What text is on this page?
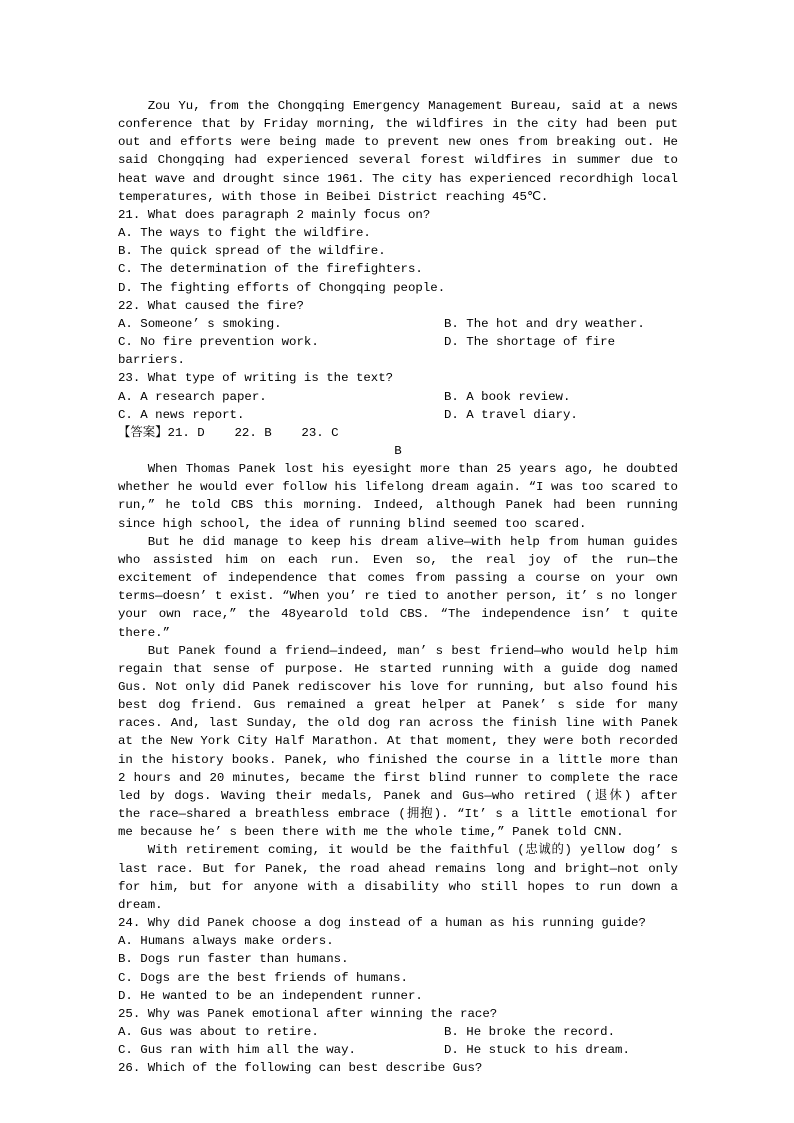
Zou Yu, from the Chongqing Emergency Management Bureau, said at a news conference that by Friday morning, the wildfires in the city had been put out and efforts were being made to prevent new ones from breaking out. He said Chongqing had experienced several forest wildfires in summer due to heat wave and drought since 1961. The city has experienced recordhigh local temperatures, with those in Beibei District reaching 45℃.
21. What does paragraph 2 mainly focus on?
A. The ways to fight the wildfire.
B. The quick spread of the wildfire.
C. The determination of the firefighters.
D. The fighting efforts of Chongqing people.
22. What caused the fire?
A. Someone’ s smoking.	B. The hot and dry weather.
C. No fire prevention work.	D. The shortage of fire barriers.
23. What type of writing is the text?
A. A research paper.	B. A book review.
C. A news report.	D. A travel diary.
【答案】21. D    22. B    23. C
B
When Thomas Panek lost his eyesight more than 25 years ago, he doubted whether he would ever follow his lifelong dream again. “I was too scared to run,” he told CBS this morning. Indeed, although Panek had been running since high school, the idea of running blind seemed too scared.
But he did manage to keep his dream alive—with help from human guides who assisted him on each run. Even so, the real joy of the run—the excitement of independence that comes from passing a course on your own terms—doesn’ t exist. “When you’ re tied to another person, it’ s no longer your own race,” the 48yearold told CBS. “The independence isn’ t quite there.”
But Panek found a friend—indeed, man’ s best friend—who would help him regain that sense of purpose. He started running with a guide dog named Gus. Not only did Panek rediscover his love for running, but also found his best dog friend. Gus remained a great helper at Panek’ s side for many races. And, last Sunday, the old dog ran across the finish line with Panek at the New York City Half Marathon. At that moment, they were both recorded in the history books. Panek, who finished the course in a little more than 2 hours and 20 minutes, became the first blind runner to complete the race led by dogs. Waving their medals, Panek and Gus—who retired (退休) after the race—shared a breathless embrace (拥抱). “It’ s a little emotional for me because he’ s been there with me the whole time,” Panek told CNN.
With retirement coming, it would be the faithful (忠诚的) yellow dog’ s last race. But for Panek, the road ahead remains long and bright—not only for him, but for anyone with a disability who still hopes to run down a dream.
24. Why did Panek choose a dog instead of a human as his running guide?
A. Humans always make orders.
B. Dogs run faster than humans.
C. Dogs are the best friends of humans.
D. He wanted to be an independent runner.
25. Why was Panek emotional after winning the race?
A. Gus was about to retire.	B. He broke the record.
C. Gus ran with him all the way.	D. He stuck to his dream.
26. Which of the following can best describe Gus?
